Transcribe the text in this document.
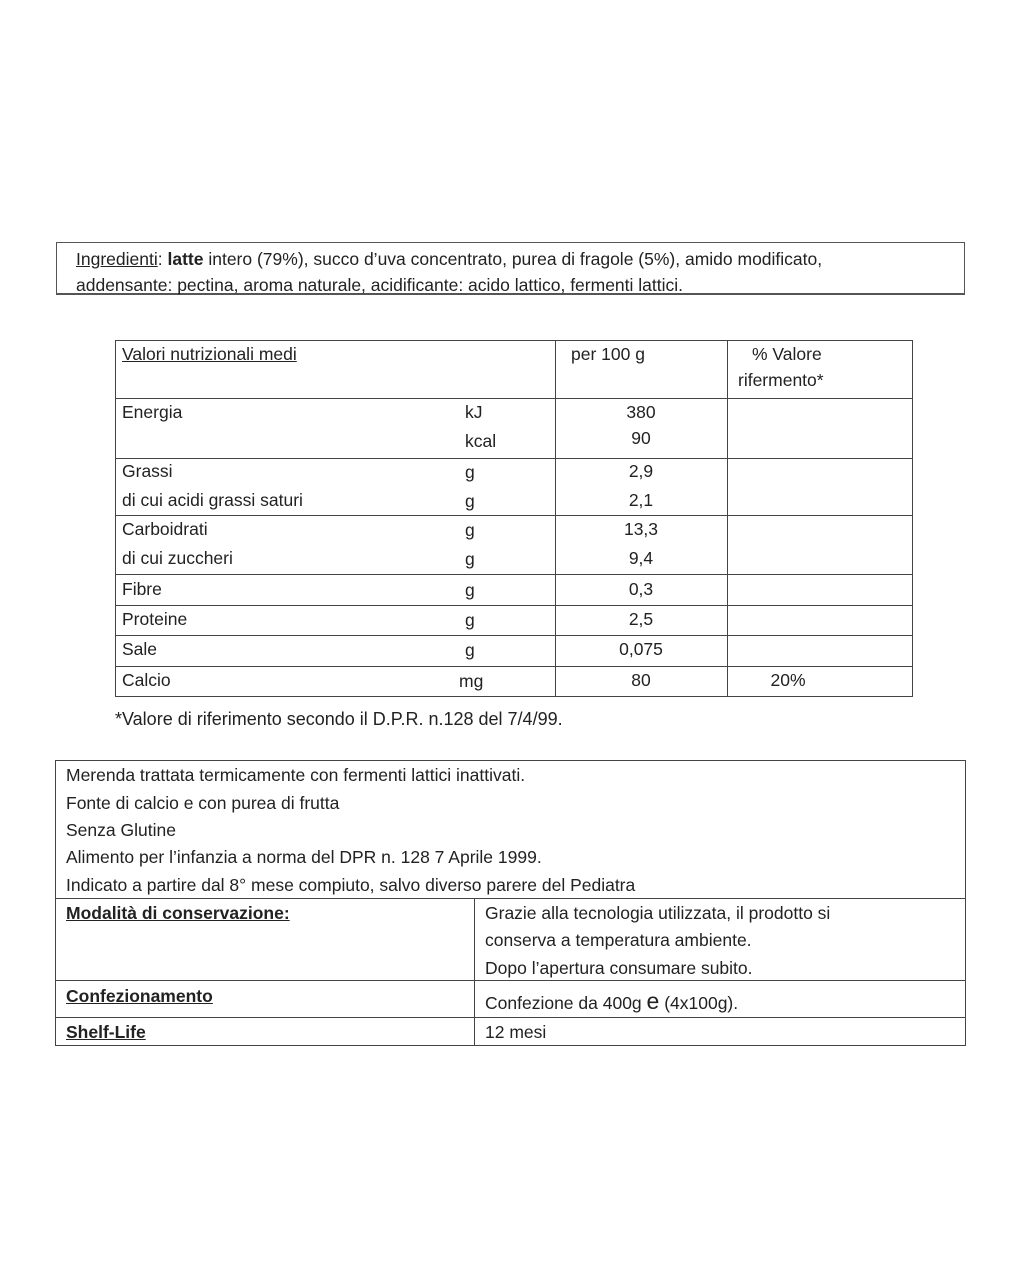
Ingredienti: latte intero (79%), succo d’uva concentrato, purea di fragole (5%), amido modificato,
addensante: pectina, aroma naturale, acidificante: acido lattico, fermenti lattici.
Valori nutrizionali medi	per 100 g	% Valore
rifermento*
Energia	kJ	380
kcal	90
Grassi	g	2,9
di cui acidi grassi saturi	g	2,1
Carboidrati	g	13,3
di cui zuccheri	g	9,4
Fibre	g	0,3
Proteine	g	2,5
Sale	g	0,075
Calcio	mg	80	20%
*Valore di riferimento secondo il D.P.R. n.128 del 7/4/99.
Merenda trattata termicamente con fermenti lattici inattivati.
Fonte di calcio e con purea di frutta
Senza Glutine
Alimento per l’infanzia a norma del DPR n. 128 7 Aprile 1999.
Indicato a partire dal 8° mese compiuto, salvo diverso parere del Pediatra
Modalità di conservazione:	Grazie alla tecnologia utilizzata, il prodotto si
conserva a temperatura ambiente.
Dopo l’apertura consumare subito.
Confezionamento	Confezione da 400g e (4x100g).
Shelf-Life	12 mesi
